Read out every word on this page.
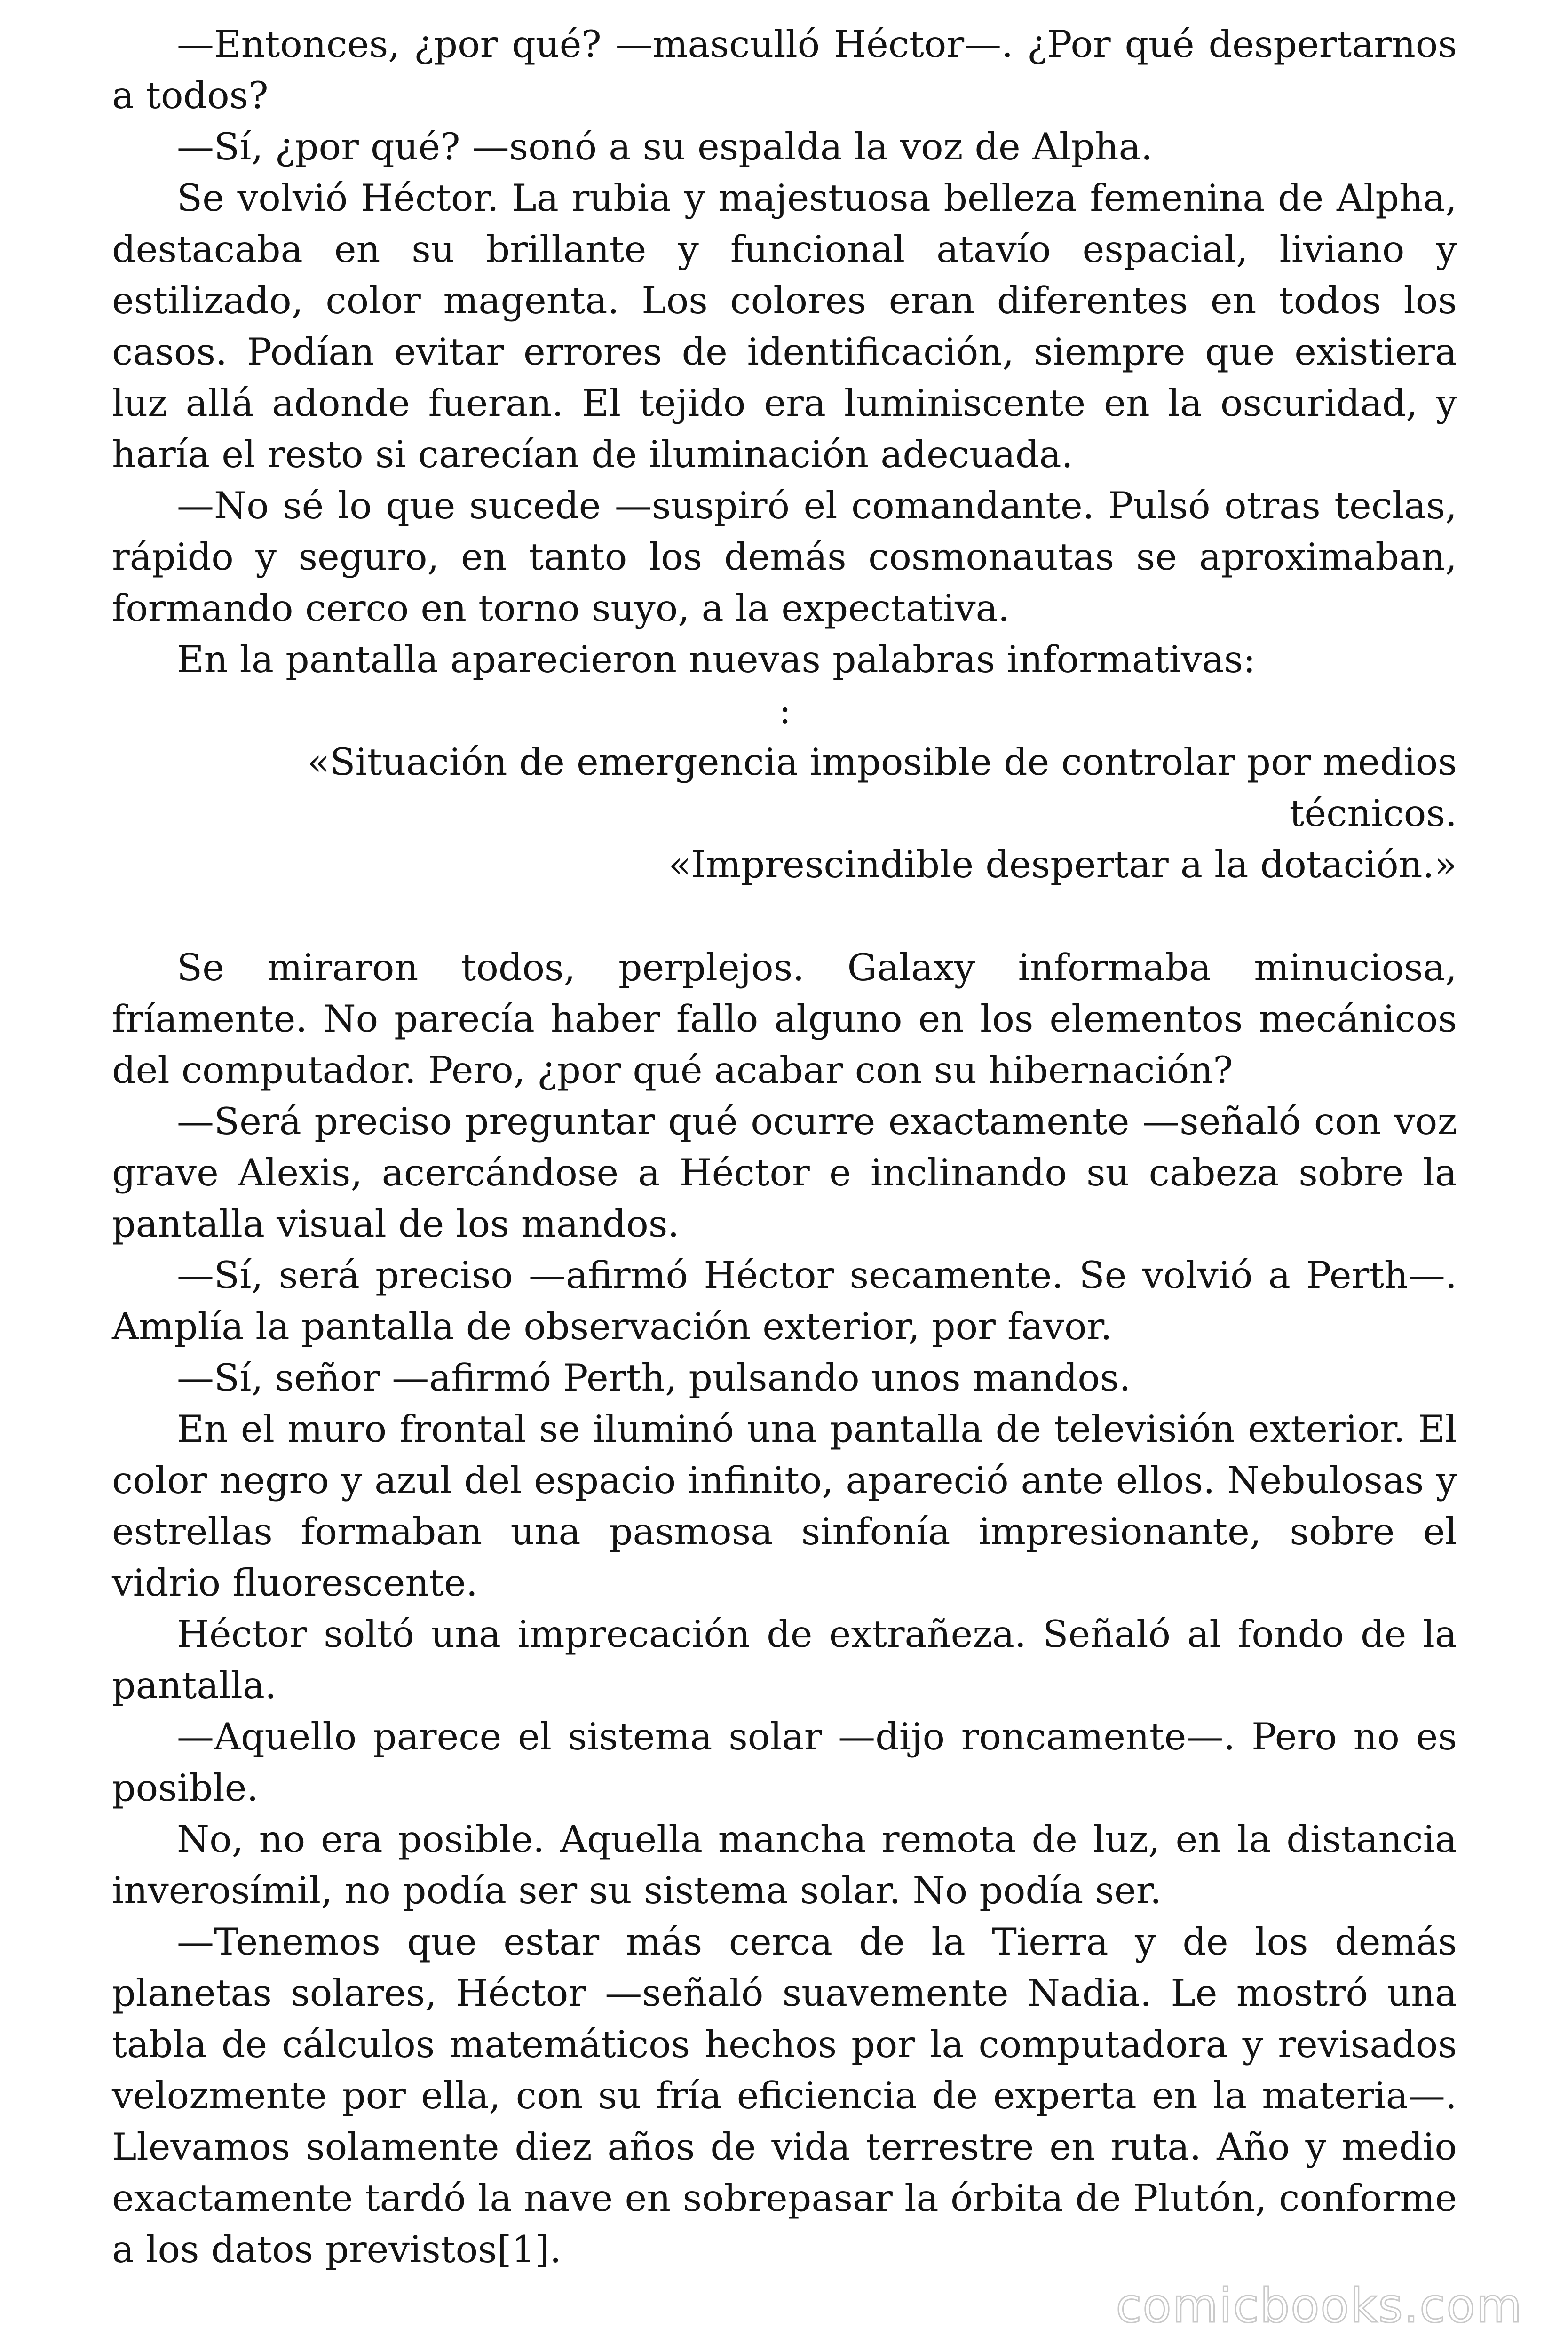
—Entonces, ¿por qué? —masculló Héctor—. ¿Por qué despertarnos a todos?

—Sí, ¿por qué? —sonó a su espalda la voz de Alpha.

Se volvió Héctor. La rubia y majestuosa belleza femenina de Alpha, destacaba en su brillante y funcional atavío espacial, liviano y estilizado, color magenta. Los colores eran diferentes en todos los casos. Podían evitar errores de identificación, siempre que existiera luz allá adonde fueran. El tejido era luminiscente en la oscuridad, y haría el resto si carecían de iluminación adecuada.

—No sé lo que sucede —suspiró el comandante. Pulsó otras teclas, rápido y seguro, en tanto los demás cosmonautas se aproximaban, formando cerco en torno suyo, a la expectativa.

En la pantalla aparecieron nuevas palabras informativas:

:

«Situación de emergencia imposible de controlar por medios técnicos.

«Imprescindible despertar a la dotación.»

Se miraron todos, perplejos. Galaxy informaba minuciosa, fríamente. No parecía haber fallo alguno en los elementos mecánicos del computador. Pero, ¿por qué acabar con su hibernación?

—Será preciso preguntar qué ocurre exactamente —señaló con voz grave Alexis, acercándose a Héctor e inclinando su cabeza sobre la pantalla visual de los mandos.

—Sí, será preciso —afirmó Héctor secamente. Se volvió a Perth—. Amplía la pantalla de observación exterior, por favor.

—Sí, señor —afirmó Perth, pulsando unos mandos.

En el muro frontal se iluminó una pantalla de televisión exterior. El color negro y azul del espacio infinito, apareció ante ellos. Nebulosas y estrellas formaban una pasmosa sinfonía impresionante, sobre el vidrio fluorescente.

Héctor soltó una imprecación de extrañeza. Señaló al fondo de la pantalla.

—Aquello parece el sistema solar —dijo roncamente—. Pero no es posible.

No, no era posible. Aquella mancha remota de luz, en la distancia inverosímil, no podía ser su sistema solar. No podía ser.

—Tenemos que estar más cerca de la Tierra y de los demás planetas solares, Héctor —señaló suavemente Nadia. Le mostró una tabla de cálculos matemáticos hechos por la computadora y revisados velozmente por ella, con su fría eficiencia de experta en la materia—. Llevamos solamente diez años de vida terrestre en ruta. Año y medio exactamente tardó la nave en sobrepasar la órbita de Plutón, conforme a los datos previstos[1].

comicbooks.com
